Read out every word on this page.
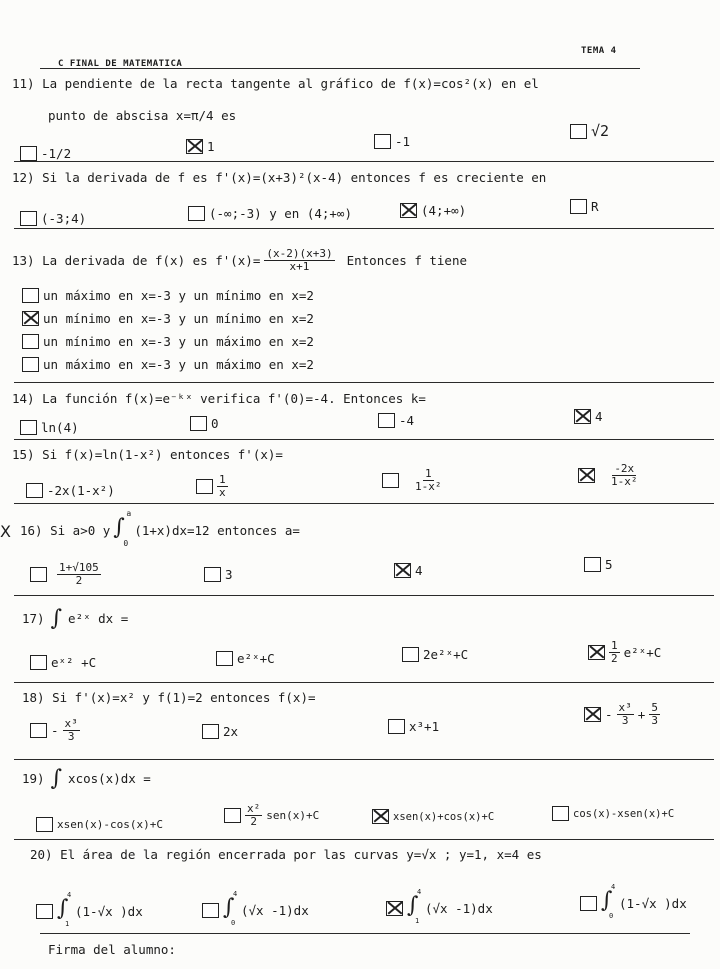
C FINAL DE MATEMATICA
TEMA 4
11) La pendiente de la recta tangente al gráfico de f(x)=cos²(x) en el
punto de abscisa x=π/4 es
-1/2	1	-1
√2
12) Si la derivada de f es f'(x)=(x+3)²(x-4) entonces f es creciente en
(-3;4)	(-∞;-3) y en (4;+∞)	(4;+∞)	R
13) La derivada de f(x) es $f'(x)= \frac{(x-2)(x+3)}{x+1}$ Entonces f tiene
un máximo en x=-3 y un mínimo en x=2
un mínimo en x=-3 y un mínimo en x=2
un mínimo en x=-3 y un máximo en x=2
un máximo en x=-3 y un máximo en x=2
14) La función f(x)=e⁻ᵏˣ verifica f'(0)=-4. Entonces k=
ln(4)	0	-4	4
15) Si f(x)=ln(1-x²) entonces f'(x)=
-2x(1-x²)	$\frac{1}{x}$	$\frac{1}{\text{1-x²}}$	$\frac{-2x}{\text{1-x²}}$
X 16) Si a>0 y ∫
a
0
(1+x)dx=12 entonces a=
$\frac{1+√105}{2}$	3	4	5
17) ∫ e²ˣ dx =
eˣ² +C	e²ˣ+C	2e²ˣ+C	$\frac{1}{2}$ e²ˣ+C
18) Si f'(x)=x² y f(1)=2 entonces f(x)=
- $\frac{\text{x³}}{3}$	2x	x³+1
- $\frac{\text{x³}}{3} + \frac{5}{3}$
19) ∫ xcos(x)dx =
xsen(x)-cos(x)+C	$\frac{\text{x²}}{2} sen(x)+C$	xsen(x)+cos(x)+C	cos(x)-xsen(x)+C
20) El área de la región encerrada por las curvas y=√x ; y=1, x=4 es
∫
4
1
(1-√x )dx	∫
4
0
(√x -1)dx	∫
4
1
(√x -1)dx	∫
4
0
(1-√x )dx
Firma del alumno:
